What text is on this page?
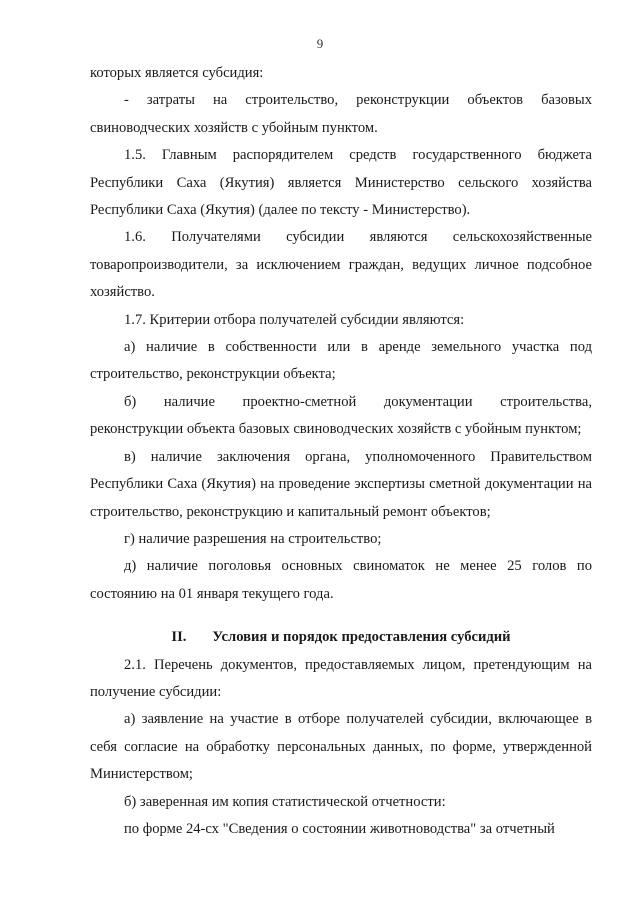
9

которых является субсидия:

- затраты на строительство, реконструкции объектов базовых свиноводческих хозяйств с убойным пунктом.

1.5. Главным распорядителем средств государственного бюджета Республики Саха (Якутия) является Министерство сельского хозяйства Республики Саха (Якутия) (далее по тексту - Министерство).

1.6. Получателями субсидии являются сельскохозяйственные товаропроизводители, за исключением граждан, ведущих личное подсобное хозяйство.

1.7. Критерии отбора получателей субсидии являются:

а) наличие в собственности или в аренде земельного участка под строительство, реконструкции объекта;

б) наличие проектно-сметной документации строительства, реконструкции объекта базовых свиноводческих хозяйств с убойным пунктом;

в) наличие заключения органа, уполномоченного Правительством Республики Саха (Якутия) на проведение экспертизы сметной документации на строительство, реконструкцию и капитальный ремонт объектов;

г) наличие разрешения на строительство;

д) наличие поголовья основных свиноматок не менее 25 голов по состоянию на 01 января текущего года.

II. Условия и порядок предоставления субсидий

2.1. Перечень документов, предоставляемых лицом, претендующим на получение субсидии:

а) заявление на участие в отборе получателей субсидии, включающее в себя согласие на обработку персональных данных, по форме, утвержденной Министерством;

б) заверенная им копия статистической отчетности:

по форме 24-сх "Сведения о состоянии животноводства" за отчетный
